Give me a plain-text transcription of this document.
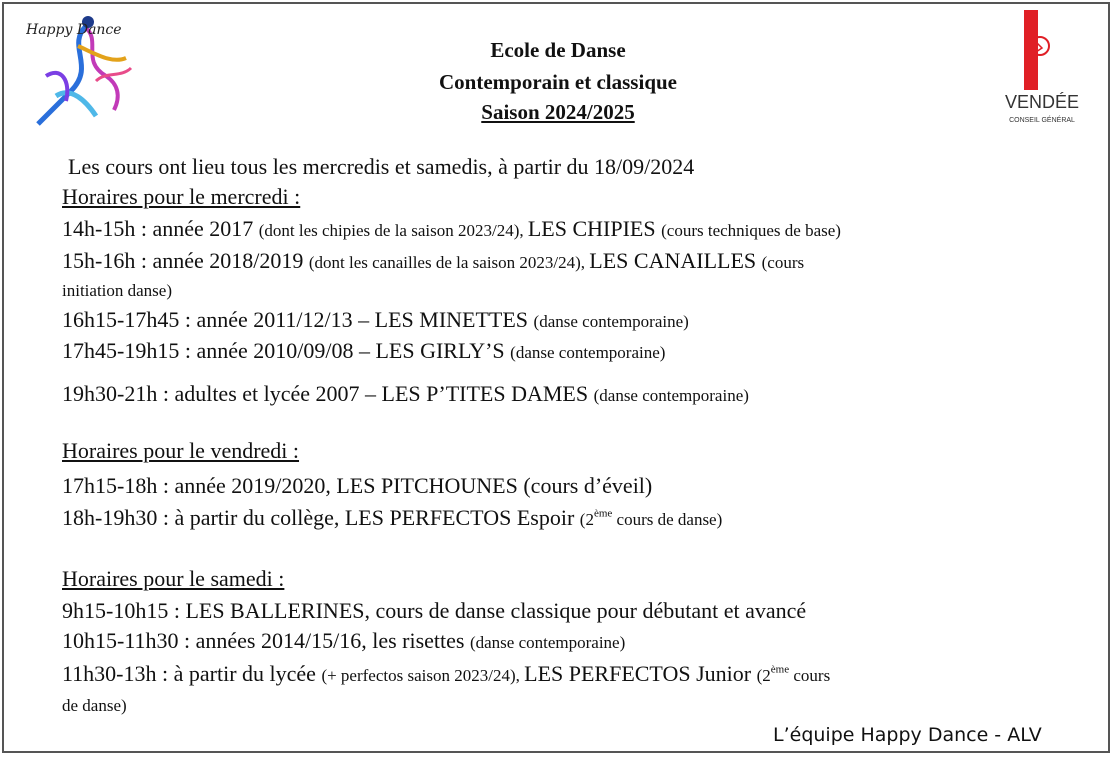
Happy Dance
VENDÉE
CONSEIL GÉNÉRAL
Ecole de Danse
Contemporain et classique
Saison 2024/2025
Les cours ont lieu tous les mercredis et samedis, à partir du 18/09/2024
Horaires pour le mercredi :
14h-15h : année 2017 (dont les chipies de la saison 2023/24), LES CHIPIES (cours techniques de base)
15h-16h : année 2018/2019 (dont les canailles de la saison 2023/24), LES CANAILLES (cours
initiation danse)
16h15-17h45 : année 2011/12/13 – LES MINETTES (danse contemporaine)
17h45-19h15 : année 2010/09/08 – LES GIRLY’S (danse contemporaine)
19h30-21h : adultes et lycée 2007 – LES P’TITES DAMES (danse contemporaine)
Horaires pour le vendredi :
17h15-18h : année 2019/2020, LES PITCHOUNES (cours d’éveil)
18h-19h30 : à partir du collège, LES PERFECTOS Espoir (2ème cours de danse)
Horaires pour le samedi :
9h15-10h15 : LES BALLERINES, cours de danse classique pour débutant et avancé
10h15-11h30 : années 2014/15/16, les risettes (danse contemporaine)
11h30-13h : à partir du lycée (+ perfectos saison 2023/24), LES PERFECTOS Junior (2ème cours
de danse)
L’équipe Happy Dance - ALV
